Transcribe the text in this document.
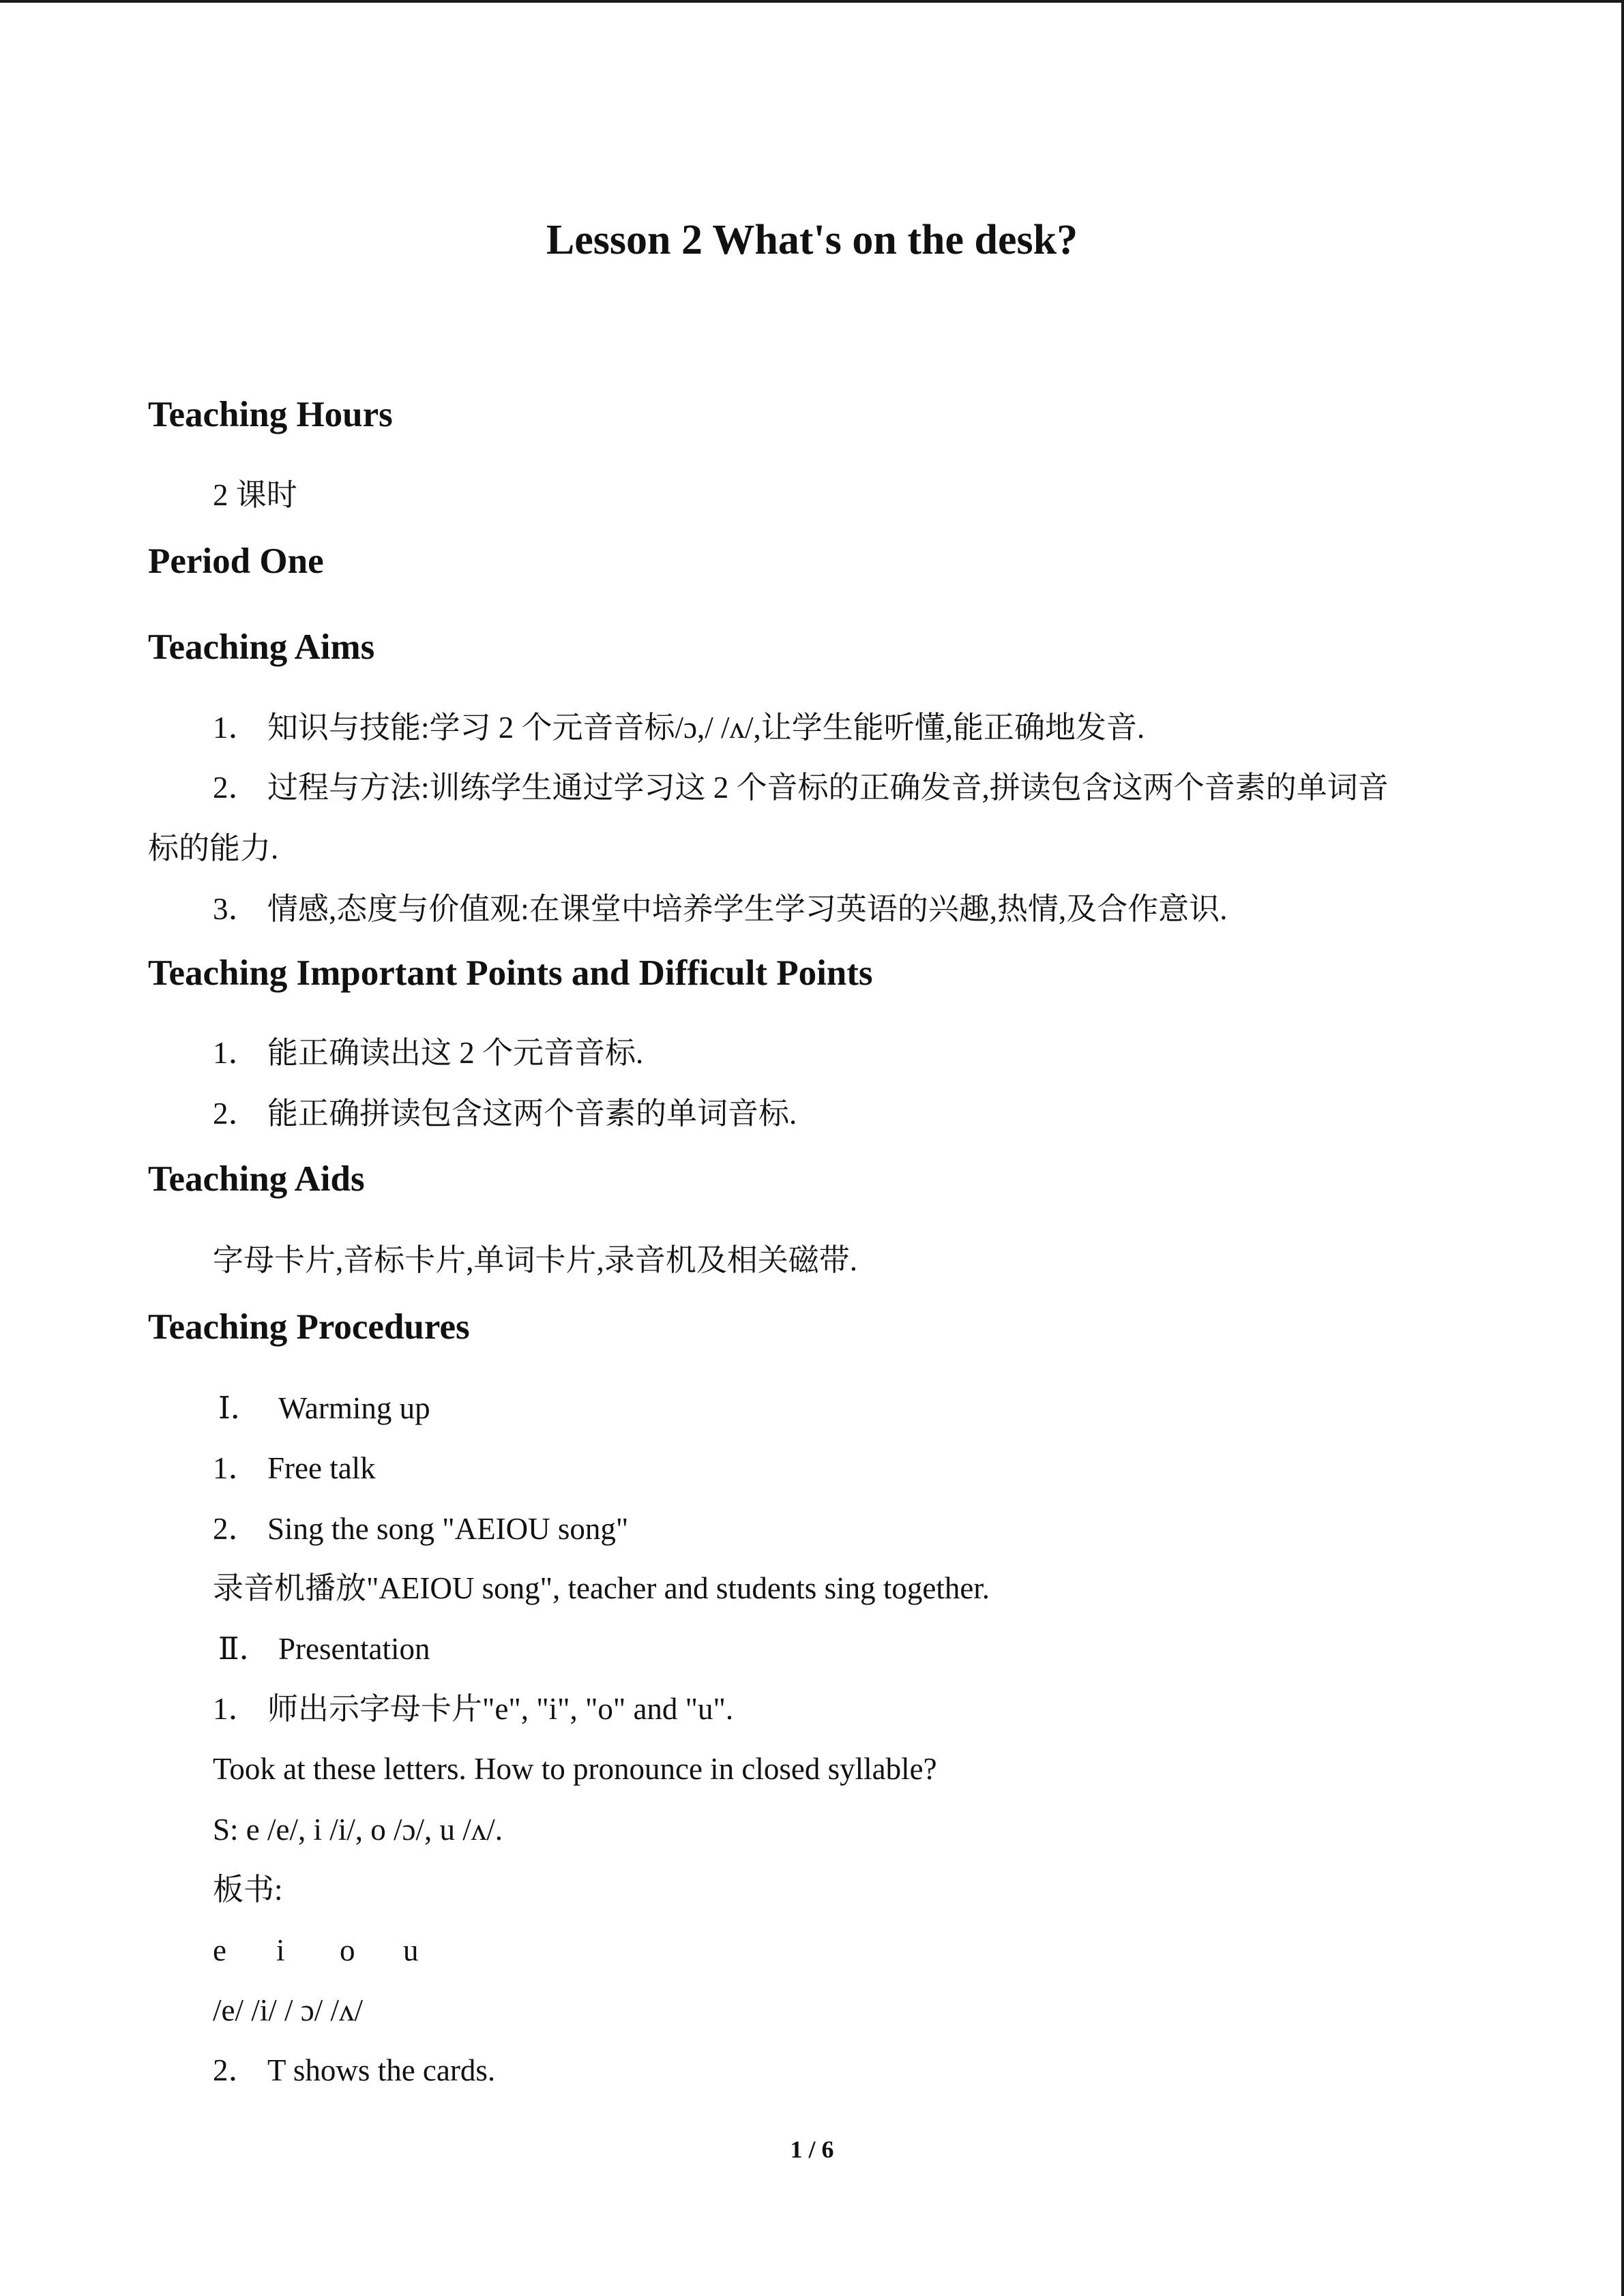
Lesson 2 What's on the desk?
Teaching Hours
2 课时
Period One
Teaching Aims
1． 知识与技能:学习 2 个元音音标/ɔ,/ /ʌ/,让学生能听懂,能正确地发音.
2． 过程与方法:训练学生通过学习这 2 个音标的正确发音,拼读包含这两个音素的单词音
标的能力.
3． 情感,态度与价值观:在课堂中培养学生学习英语的兴趣,热情,及合作意识.
Teaching Important Points and Difficult Points
1． 能正确读出这 2 个元音音标.
2． 能正确拼读包含这两个音素的单词音标.
Teaching Aids
字母卡片,音标卡片,单词卡片,录音机及相关磁带.
Teaching Procedures
Ⅰ． Warming up
1． Free talk
2． Sing the song "AEIOU song"
录音机播放"AEIOU song", teacher and students sing together.
Ⅱ． Presentation
1． 师出示字母卡片"e", "i", "o" and "u".
Took at these letters. How to pronounce in closed syllable?
S: e /e/, i /i/, o /ɔ/, u /ʌ/.
板书:
e i o u
/e/ /i/ / ɔ/ /ʌ/
2． T shows the cards.
1 / 6
